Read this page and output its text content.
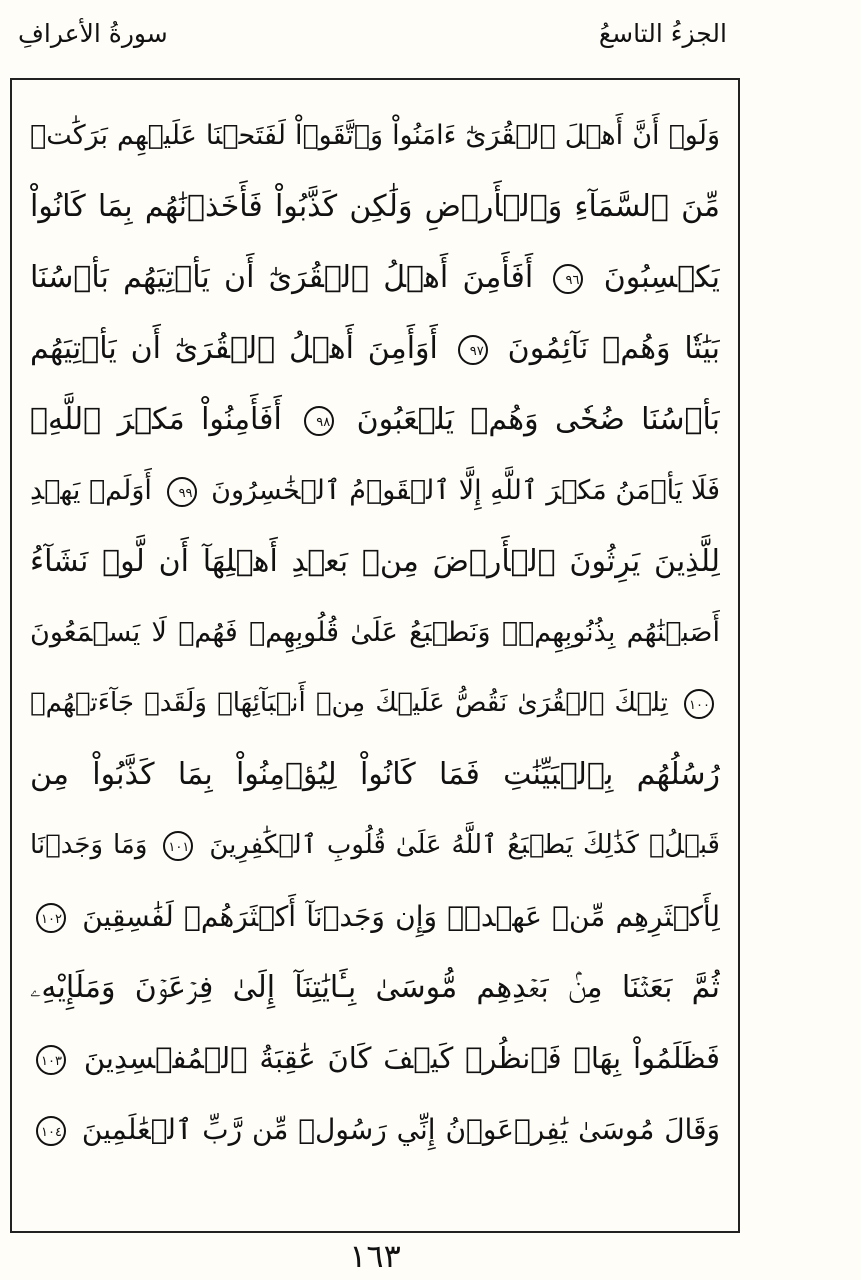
الجزءُ التاسعُ
سورةُ الأعرافِ
وَلَوۡ أَنَّ أَهۡلَ ٱلۡقُرَىٰٓ ءَامَنُواْ وَٱتَّقَوۡاْ لَفَتَحۡنَا عَلَيۡهِم بَرَكَٰتٖ
مِّنَ ٱلسَّمَآءِ وَٱلۡأَرۡضِ وَلَٰكِن كَذَّبُواْ فَأَخَذۡنَٰهُم بِمَا كَانُواْ
يَكۡسِبُونَ ٩٦ أَفَأَمِنَ أَهۡلُ ٱلۡقُرَىٰٓ أَن يَأۡتِيَهُم بَأۡسُنَا
بَيَٰتٗا وَهُمۡ نَآئِمُونَ ٩٧ أَوَأَمِنَ أَهۡلُ ٱلۡقُرَىٰٓ أَن يَأۡتِيَهُم
بَأۡسُنَا ضُحٗى وَهُمۡ يَلۡعَبُونَ ٩٨ أَفَأَمِنُواْ مَكۡرَ ٱللَّهِۚ
فَلَا يَأۡمَنُ مَكۡرَ ٱللَّهِ إِلَّا ٱلۡقَوۡمُ ٱلۡخَٰسِرُونَ ٩٩ أَوَلَمۡ يَهۡدِ
لِلَّذِينَ يَرِثُونَ ٱلۡأَرۡضَ مِنۢ بَعۡدِ أَهۡلِهَآ أَن لَّوۡ نَشَآءُ
أَصَبۡنَٰهُم بِذُنُوبِهِمۡۚ وَنَطۡبَعُ عَلَىٰ قُلُوبِهِمۡ فَهُمۡ لَا يَسۡمَعُونَ
١٠٠ تِلۡكَ ٱلۡقُرَىٰ نَقُصُّ عَلَيۡكَ مِنۡ أَنۢبَآئِهَاۚ وَلَقَدۡ جَآءَتۡهُمۡ
رُسُلُهُم بِٱلۡبَيِّنَٰتِ فَمَا كَانُواْ لِيُؤۡمِنُواْ بِمَا كَذَّبُواْ مِن
قَبۡلُۚ كَذَٰلِكَ يَطۡبَعُ ٱللَّهُ عَلَىٰ قُلُوبِ ٱلۡكَٰفِرِينَ ١٠١ وَمَا وَجَدۡنَا
لِأَكۡثَرِهِم مِّنۡ عَهۡدٖۖ وَإِن وَجَدۡنَآ أَكۡثَرَهُمۡ لَفَٰسِقِينَ ١٠٢
ثُمَّ بَعَثۡنَا مِنۢ بَعۡدِهِم مُّوسَىٰ بِـَٔايَٰتِنَآ إِلَىٰ فِرۡعَوۡنَ وَمَلَإِيْهِۦ
فَظَلَمُواْ بِهَاۖ فَٱنظُرۡ كَيۡفَ كَانَ عَٰقِبَةُ ٱلۡمُفۡسِدِينَ ١٠٣
وَقَالَ مُوسَىٰ يَٰفِرۡعَوۡنُ إِنِّي رَسُولٞ مِّن رَّبِّ ٱلۡعَٰلَمِينَ ١٠٤
١٦٣
